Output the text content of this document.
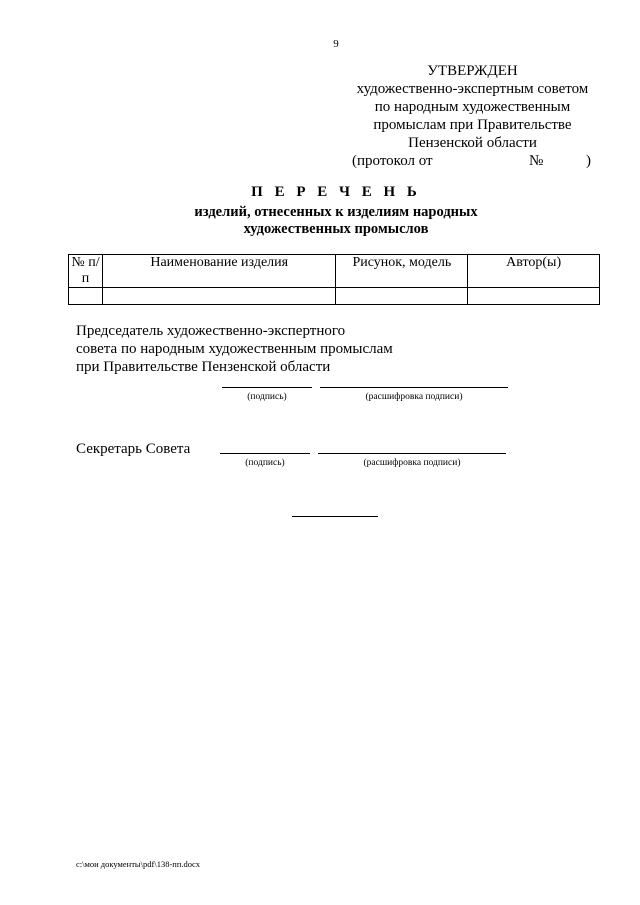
9
УТВЕРЖДЕН
художественно-экспертным советом
по народным художественным
промыслам при Правительстве
Пензенской области
(протокол от	№	)
П Е Р Е Ч Е Н Ь
изделий, отнесенных к изделиям народных
художественных промыслов
№ п/п	Наименование изделия	Рисунок, модель	Автор(ы)

Председатель художественно-экспертного
совета по народным художественным промыслам
при Правительстве Пензенской области
(подпись)	(расшифровка подписи)
Секретарь Совета
(подпись)	(расшифровка подписи)
c:\мои документы\pdf\138-пп.docx
